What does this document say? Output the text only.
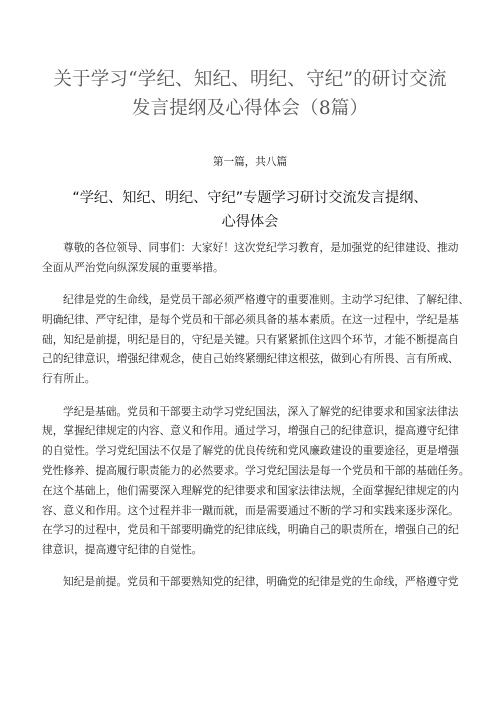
关于学习“学纪、知纪、明纪、守纪”的研讨交流
发言提纲及心得体会（8篇）
第一篇，共八篇
“学纪、知纪、明纪、守纪”专题学习研讨交流发言提纲、
心得体会
尊敬的各位领导、同事们：大家好！这次党纪学习教育，是加强党的纪律建设、推动
全面从严治党向纵深发展的重要举措。
纪律是党的生命线，是党员干部必须严格遵守的重要准则。主动学习纪律、了解纪律、
明确纪律、严守纪律，是每个党员和干部必须具备的基本素质。在这一过程中，学纪是基
础，知纪是前提，明纪是目的，守纪是关键。只有紧紧抓住这四个环节，才能不断提高自
己的纪律意识，增强纪律观念，使自己始终紧绷纪律这根弦，做到心有所畏、言有所戒、
行有所止。
学纪是基础。党员和干部要主动学习党纪国法，深入了解党的纪律要求和国家法律法
规，掌握纪律规定的内容、意义和作用。通过学习，增强自己的纪律意识，提高遵守纪律
的自觉性。学习党纪国法不仅是了解党的优良传统和党风廉政建设的重要途径，更是增强
党性修养、提高履行职责能力的必然要求。学习党纪国法是每一个党员和干部的基础任务。
在这个基础上，他们需要深入理解党的纪律要求和国家法律法规，全面掌握纪律规定的内
容、意义和作用。这个过程并非一蹴而就，而是需要通过不断的学习和实践来逐步深化。
在学习的过程中，党员和干部要明确党的纪律底线，明确自己的职责所在，增强自己的纪
律意识，提高遵守纪律的自觉性。
知纪是前提。党员和干部要熟知党的纪律，明确党的纪律是党的生命线，严格遵守党
